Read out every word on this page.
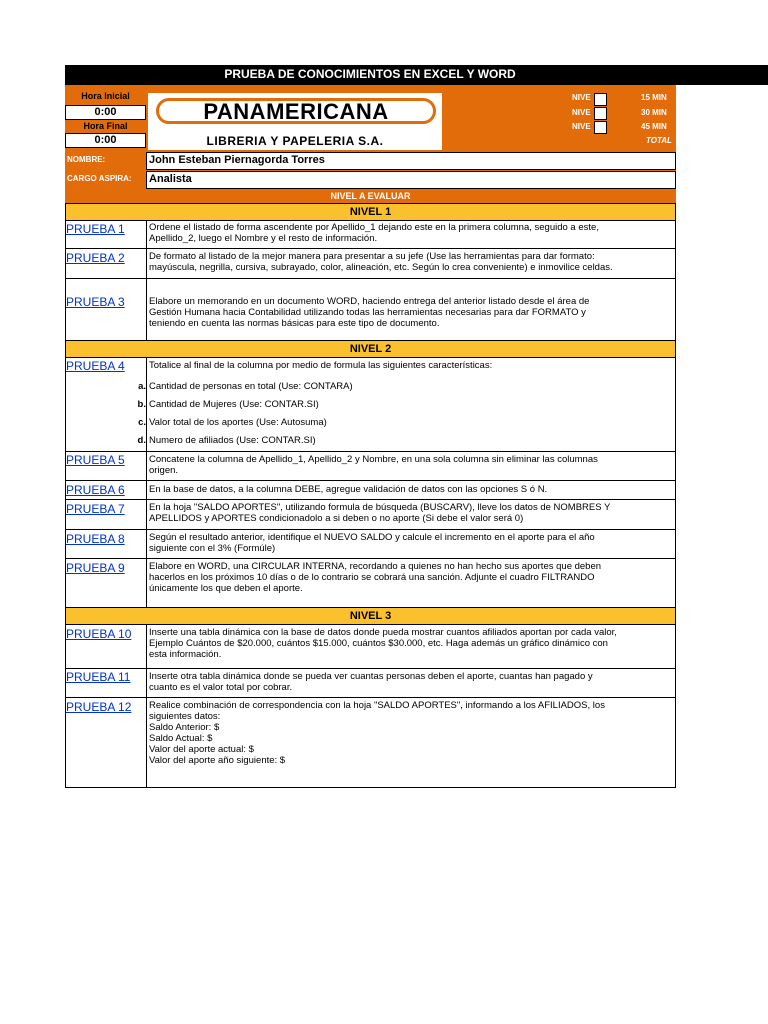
PRUEBA DE CONOCIMIENTOS EN EXCEL Y WORD
Hora Inicial
0:00
Hora Final
0:00
PANAMERICANA
LIBRERIA Y PAPELERIA S.A.
NIVE	15 MIN
NIVE	30 MIN
NIVE	45 MIN
TOTAL
NOMBRE:	John Esteban Piernagorda Torres
CARGO ASPIRA: Analista
NIVEL A EVALUAR
NIVEL 1
PRUEBA 1	Ordene el listado de forma ascendente por Apellido_1 dejando este en la primera columna, seguido a este,
Apellido_2, luego el Nombre y el resto de información.
PRUEBA 2	De formato al listado de la mejor manera para presentar a su jefe (Use las herramientas para dar formato:
mayúscula, negrilla, cursiva, subrayado, color, alineación, etc. Según lo crea conveniente) e inmovilice celdas.
PRUEBA 3	Elabore un memorando en un documento WORD, haciendo entrega del anterior listado desde el área de
Gestión Humana hacia Contabilidad utilizando todas las herramientas necesarias para dar FORMATO y
teniendo en cuenta las normas básicas para este tipo de documento.
NIVEL 2
PRUEBA 4	Totalice al final de la columna por medio de formula las siguientes características:
a. Cantidad de personas en total (Use: CONTARA)
b. Cantidad de Mujeres (Use: CONTAR.SI)
c. Valor total de los aportes (Use: Autosuma)
d. Numero de afiliados (Use: CONTAR.SI)
PRUEBA 5	Concatene la columna de Apellido_1, Apellido_2 y Nombre, en una sola columna sin eliminar las columnas
origen.
PRUEBA 6	En la base de datos, a la columna DEBE, agregue validación de datos con las opciones S ó N.
PRUEBA 7	En la hoja "SALDO APORTES", utilizando formula de búsqueda (BUSCARV), lleve los datos de NOMBRES Y
APELLIDOS y APORTES condicionadolo a si deben o no aporte (Si debe el valor será 0)
PRUEBA 8	Según el resultado anterior, identifique el NUEVO SALDO y calcule el incremento en el aporte para el año
siguiente con el 3% (Formúle)
PRUEBA 9	Elabore en WORD, una CIRCULAR INTERNA, recordando a quienes no han hecho sus aportes que deben
hacerlos en los próximos 10 días o de lo contrario se cobrará una sanción. Adjunte el cuadro FILTRANDO
únicamente los que deben el aporte.
NIVEL 3
PRUEBA 10 Inserte una tabla dinámica con la base de datos donde pueda mostrar cuantos afiliados aportan por cada valor,
Ejemplo Cuántos de $20.000, cuántos $15.000, cuántos $30.000, etc. Haga además un gráfico dinámico con
esta información.
PRUEBA 11 Inserte otra tabla dinámica donde se pueda ver cuantas personas deben el aporte, cuantas han pagado y
cuanto es el valor total por cobrar.
PRUEBA 12 Realice combinación de correspondencia con la hoja "SALDO APORTES", informando a los AFILIADOS, los
siguientes datos:
Saldo Anterior: $
Saldo Actual: $
Valor del aporte actual: $
Valor del aporte año siguiente: $
